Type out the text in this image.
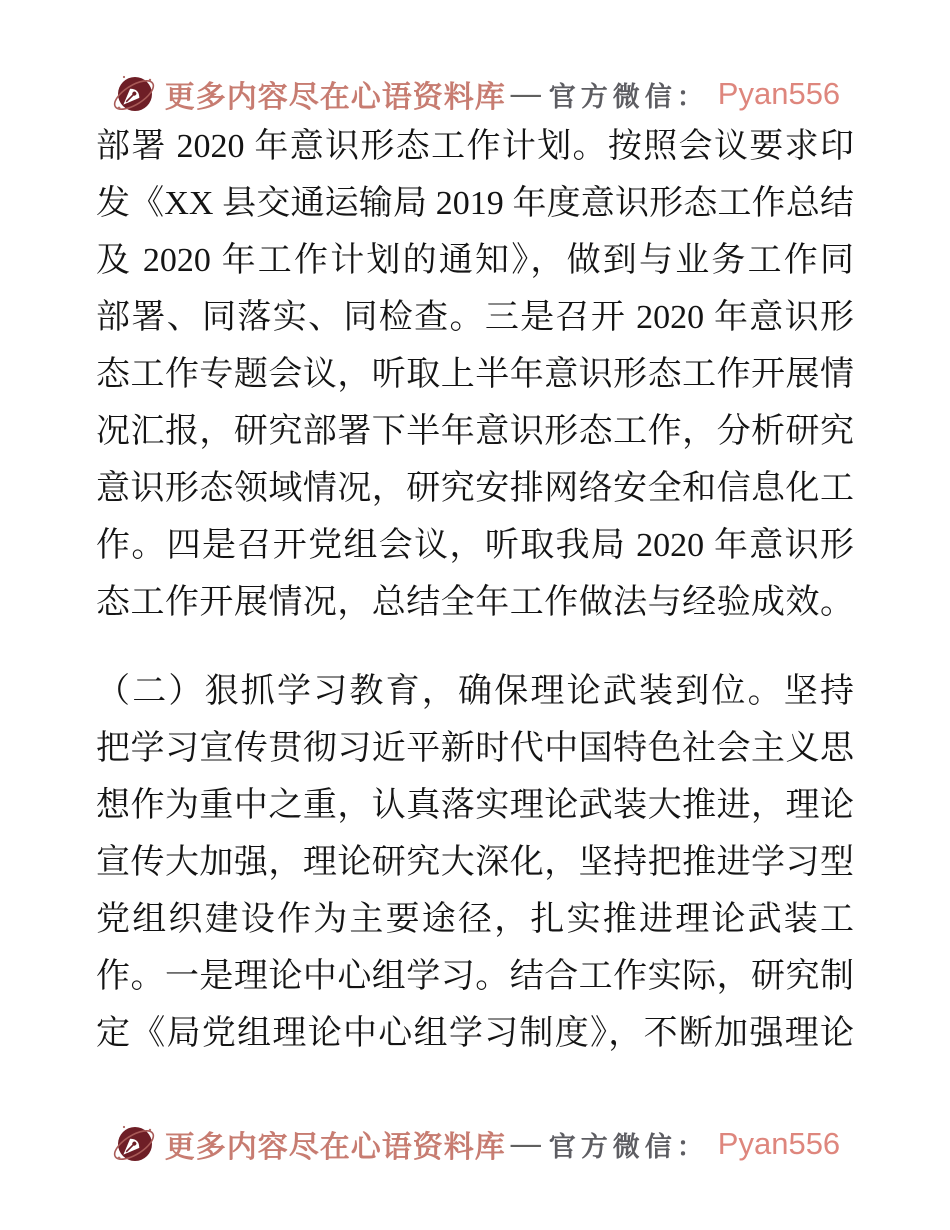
更多内容尽在心语资料库 — 官方微信： Pyan556
部署 2020 年意识形态工作计划。按照会议要求印
发《XX 县交通运输局 2019 年度意识形态工作总结
及 2020 年工作计划的通知》，做到与业务工作同
部署、同落实、同检查。三是召开 2020 年意识形
态工作专题会议，听取上半年意识形态工作开展情
况汇报，研究部署下半年意识形态工作，分析研究
意识形态领域情况，研究安排网络安全和信息化工
作。四是召开党组会议，听取我局 2020 年意识形
态工作开展情况，总结全年工作做法与经验成效。
（二）狠抓学习教育，确保理论武装到位。坚持
把学习宣传贯彻习近平新时代中国特色社会主义思
想作为重中之重，认真落实理论武装大推进，理论
宣传大加强，理论研究大深化，坚持把推进学习型
党组织建设作为主要途径，扎实推进理论武装工
作。一是理论中心组学习。结合工作实际，研究制
定《局党组理论中心组学习制度》，不断加强理论
更多内容尽在心语资料库 — 官方微信： Pyan556
